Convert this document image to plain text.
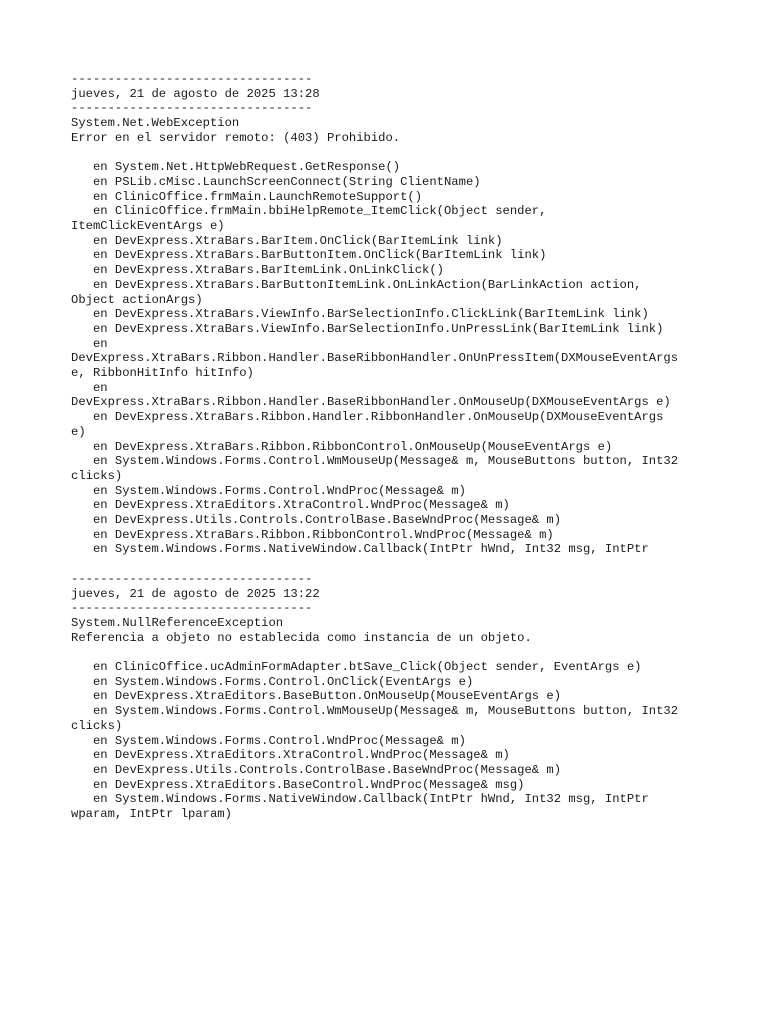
---------------------------------
jueves, 21 de agosto de 2025 13:28
---------------------------------
System.Net.WebException
Error en el servidor remoto: (403) Prohibido.
en System.Net.HttpWebRequest.GetResponse()
en PSLib.cMisc.LaunchScreenConnect(String ClientName)
en ClinicOffice.frmMain.LaunchRemoteSupport()
en ClinicOffice.frmMain.bbiHelpRemote_ItemClick(Object sender,
ItemClickEventArgs e)
en DevExpress.XtraBars.BarItem.OnClick(BarItemLink link)
en DevExpress.XtraBars.BarButtonItem.OnClick(BarItemLink link)
en DevExpress.XtraBars.BarItemLink.OnLinkClick()
en DevExpress.XtraBars.BarButtonItemLink.OnLinkAction(BarLinkAction action,
Object actionArgs)
en DevExpress.XtraBars.ViewInfo.BarSelectionInfo.ClickLink(BarItemLink link)
en DevExpress.XtraBars.ViewInfo.BarSelectionInfo.UnPressLink(BarItemLink link)
en
DevExpress.XtraBars.Ribbon.Handler.BaseRibbonHandler.OnUnPressItem(DXMouseEventArgs
e, RibbonHitInfo hitInfo)
en
DevExpress.XtraBars.Ribbon.Handler.BaseRibbonHandler.OnMouseUp(DXMouseEventArgs e)
en DevExpress.XtraBars.Ribbon.Handler.RibbonHandler.OnMouseUp(DXMouseEventArgs
e)
en DevExpress.XtraBars.Ribbon.RibbonControl.OnMouseUp(MouseEventArgs e)
en System.Windows.Forms.Control.WmMouseUp(Message& m, MouseButtons button, Int32
clicks)
en System.Windows.Forms.Control.WndProc(Message& m)
en DevExpress.XtraEditors.XtraControl.WndProc(Message& m)
en DevExpress.Utils.Controls.ControlBase.BaseWndProc(Message& m)
en DevExpress.XtraBars.Ribbon.RibbonControl.WndProc(Message& m)
en System.Windows.Forms.NativeWindow.Callback(IntPtr hWnd, Int32 msg, IntPtr
---------------------------------
jueves, 21 de agosto de 2025 13:22
---------------------------------
System.NullReferenceException
Referencia a objeto no establecida como instancia de un objeto.
en ClinicOffice.ucAdminFormAdapter.btSave_Click(Object sender, EventArgs e)
en System.Windows.Forms.Control.OnClick(EventArgs e)
en DevExpress.XtraEditors.BaseButton.OnMouseUp(MouseEventArgs e)
en System.Windows.Forms.Control.WmMouseUp(Message& m, MouseButtons button, Int32
clicks)
en System.Windows.Forms.Control.WndProc(Message& m)
en DevExpress.XtraEditors.XtraControl.WndProc(Message& m)
en DevExpress.Utils.Controls.ControlBase.BaseWndProc(Message& m)
en DevExpress.XtraEditors.BaseControl.WndProc(Message& msg)
en System.Windows.Forms.NativeWindow.Callback(IntPtr hWnd, Int32 msg, IntPtr
wparam, IntPtr lparam)
